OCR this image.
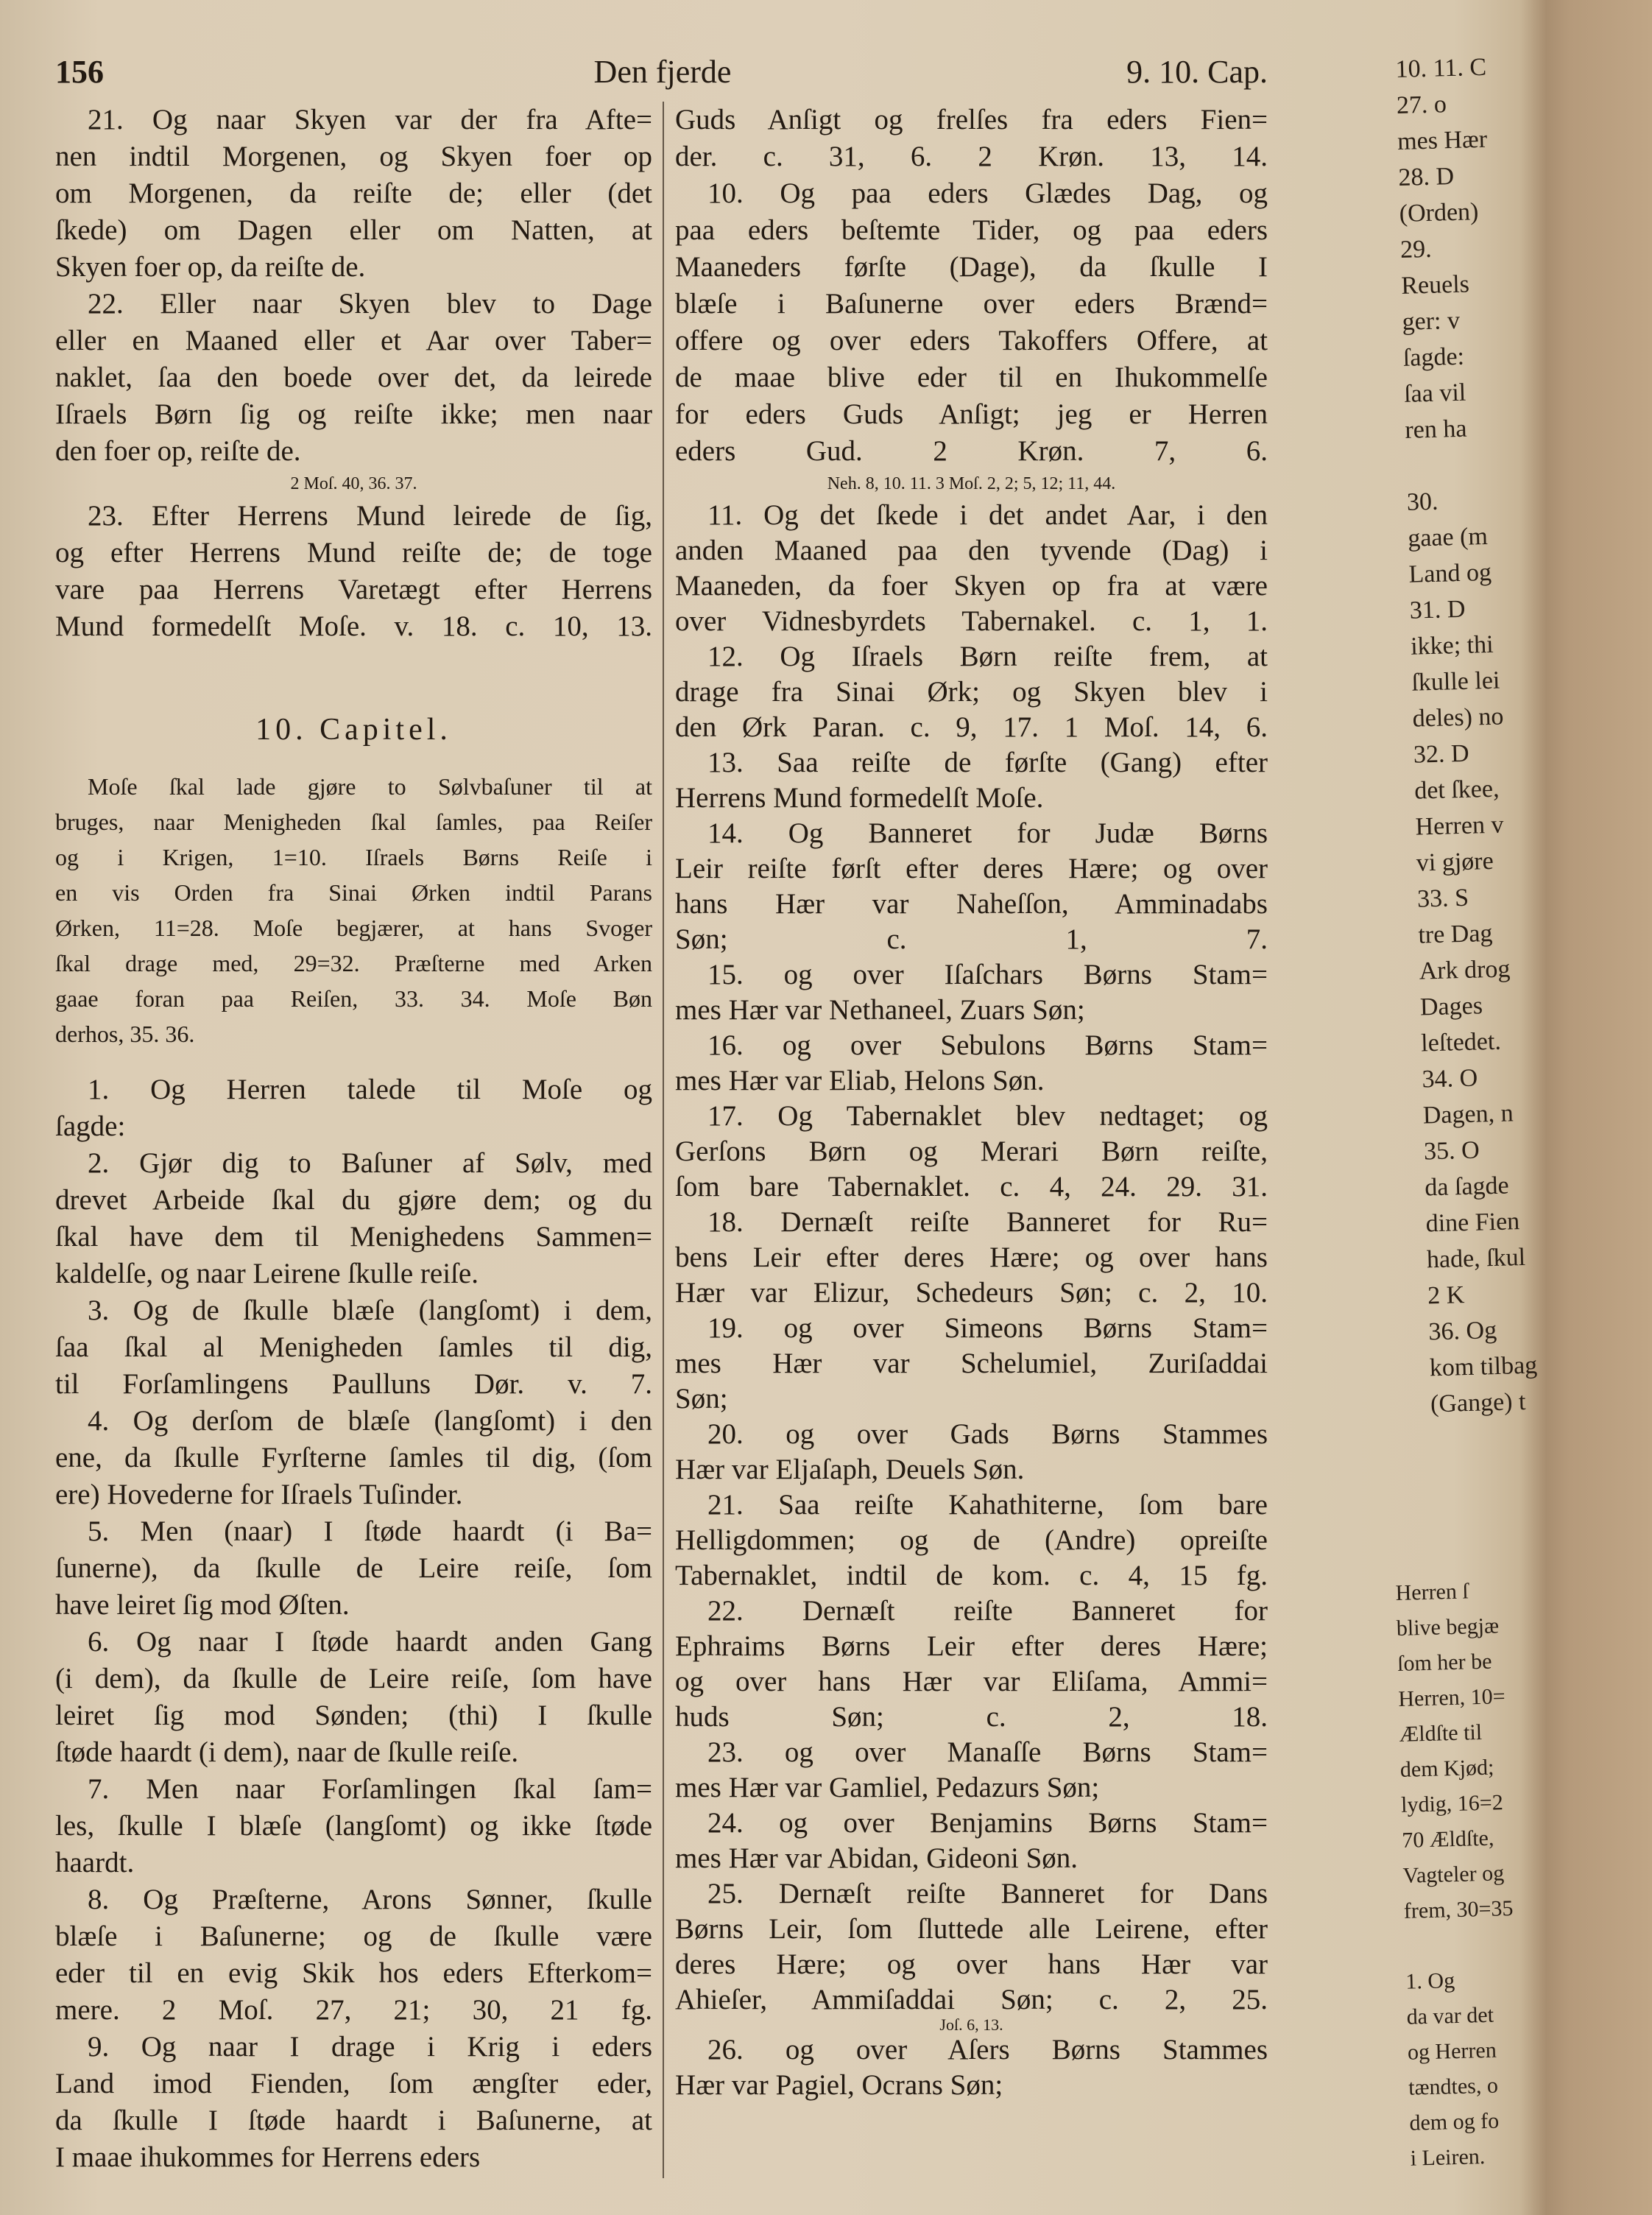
156	Den fjerde	9. 10. Cap.
21. Og naar Skyen var der fra Afte=
nen indtil Morgenen, og Skyen foer op
om Morgenen, da reiſte de; eller (det
ſkede) om Dagen eller om Natten, at
Skyen foer op, da reiſte de.
22. Eller naar Skyen blev to Dage
eller en Maaned eller et Aar over Taber=
naklet, ſaa den boede over det, da leirede
Iſraels Børn ſig og reiſte ikke; men naar
den foer op, reiſte de.
2 Moſ. 40, 36. 37.
23. Efter Herrens Mund leirede de ſig,
og efter Herrens Mund reiſte de; de toge
vare paa Herrens Varetægt efter Herrens
Mund formedelſt Moſe. v. 18. c. 10, 13.
10. Capitel.
Moſe ſkal lade gjøre to Sølvbaſuner til at
bruges, naar Menigheden ſkal ſamles, paa Reiſer
og i Krigen, 1=10. Iſraels Børns Reiſe i
en vis Orden fra Sinai Ørken indtil Parans
Ørken, 11=28. Moſe begjærer, at hans Svoger
ſkal drage med, 29=32. Præſterne med Arken
gaae foran paa Reiſen, 33. 34. Moſe Bøn
derhos, 35. 36.
1. Og Herren talede til Moſe og
ſagde:
2. Gjør dig to Baſuner af Sølv, med
drevet Arbeide ſkal du gjøre dem; og du
ſkal have dem til Menighedens Sammen=
kaldelſe, og naar Leirene ſkulle reiſe.
3. Og de ſkulle blæſe (langſomt) i dem,
ſaa ſkal al Menigheden ſamles til dig,
til Forſamlingens Paulluns Dør. v. 7.
4. Og derſom de blæſe (langſomt) i den
ene, da ſkulle Fyrſterne ſamles til dig, (ſom
ere) Hovederne for Iſraels Tuſinder.
5. Men (naar) I ſtøde haardt (i Ba=
ſunerne), da ſkulle de Leire reiſe, ſom
have leiret ſig mod Øſten.
6. Og naar I ſtøde haardt anden Gang
(i dem), da ſkulle de Leire reiſe, ſom have
leiret ſig mod Sønden; (thi) I ſkulle
ſtøde haardt (i dem), naar de ſkulle reiſe.
7. Men naar Forſamlingen ſkal ſam=
les, ſkulle I blæſe (langſomt) og ikke ſtøde
haardt.
8. Og Præſterne, Arons Sønner, ſkulle
blæſe i Baſunerne; og de ſkulle være
eder til en evig Skik hos eders Efterkom=
mere. 2 Moſ. 27, 21; 30, 21 fg.
9. Og naar I drage i Krig i eders
Land imod Fienden, ſom ængſter eder,
da ſkulle I ſtøde haardt i Baſunerne, at
I maae ihukommes for Herrens eders
Guds Anſigt og frelſes fra eders Fien=
der. c. 31, 6. 2 Krøn. 13, 14.
10. Og paa eders Glædes Dag, og
paa eders beſtemte Tider, og paa eders
Maaneders førſte (Dage), da ſkulle I
blæſe i Baſunerne over eders Brænd=
offere og over eders Takoffers Offere, at
de maae blive eder til en Ihukommelſe
for eders Guds Anſigt; jeg er Herren
eders Gud. 2 Krøn. 7, 6.
Neh. 8, 10. 11. 3 Moſ. 2, 2; 5, 12; 11, 44.
11. Og det ſkede i det andet Aar, i den
anden Maaned paa den tyvende (Dag) i
Maaneden, da foer Skyen op fra at være
over Vidnesbyrdets Tabernakel. c. 1, 1.
12. Og Iſraels Børn reiſte frem, at
drage fra Sinai Ørk; og Skyen blev i
den Ørk Paran. c. 9, 17. 1 Moſ. 14, 6.
13. Saa reiſte de førſte (Gang) efter
Herrens Mund formedelſt Moſe.
14. Og Banneret for Judæ Børns
Leir reiſte førſt efter deres Hære; og over
hans Hær var Naheſſon, Amminadabs
Søn; c. 1, 7.
15. og over Iſaſchars Børns Stam=
mes Hær var Nethaneel, Zuars Søn;
16. og over Sebulons Børns Stam=
mes Hær var Eliab, Helons Søn.
17. Og Tabernaklet blev nedtaget; og
Gerſons Børn og Merari Børn reiſte,
ſom bare Tabernaklet. c. 4, 24. 29. 31.
18. Dernæſt reiſte Banneret for Ru=
bens Leir efter deres Hære; og over hans
Hær var Elizur, Schedeurs Søn; c. 2, 10.
19. og over Simeons Børns Stam=
mes Hær var Schelumiel, Zuriſaddai
Søn;
20. og over Gads Børns Stammes
Hær var Eljaſaph, Deuels Søn.
21. Saa reiſte Kahathiterne, ſom bare
Helligdommen; og de (Andre) opreiſte
Tabernaklet, indtil de kom. c. 4, 15 fg.
22. Dernæſt reiſte Banneret for
Ephraims Børns Leir efter deres Hære;
og over hans Hær var Eliſama, Ammi=
huds Søn; c. 2, 18.
23. og over Manaſſe Børns Stam=
mes Hær var Gamliel, Pedazurs Søn;
24. og over Benjamins Børns Stam=
mes Hær var Abidan, Gideoni Søn.
25. Dernæſt reiſte Banneret for Dans
Børns Leir, ſom ſluttede alle Leirene, efter
deres Hære; og over hans Hær var
Ahieſer, Ammiſaddai Søn; c. 2, 25.
Joſ. 6, 13.
26. og over Aſers Børns Stammes
Hær var Pagiel, Ocrans Søn;
10. 11. C
27. o
mes Hær
28. D
(Orden)
29.
Reuels
ger: v
ſagde:
ſaa vil
ren ha
30.
gaae (m
Land og
31. D
ikke; thi
ſkulle lei
deles) no
32. D
det ſkee,
Herren v
vi gjøre
33. S
tre Dag
Ark drog
Dages
leſtedet.
34. O
Dagen, n
35. O
da ſagde
dine Fien
hade, ſkul
2 K
36. Og
kom tilbag
(Gange) t
Herren ſ
blive begjæ
ſom her be
Herren, 10=
Ældſte til
dem Kjød;
lydig, 16=2
70 Ældſte,
Vagteler og
frem, 30=35
1. Og
da var det
og Herren
tændtes, o
dem og fo
i Leiren.
